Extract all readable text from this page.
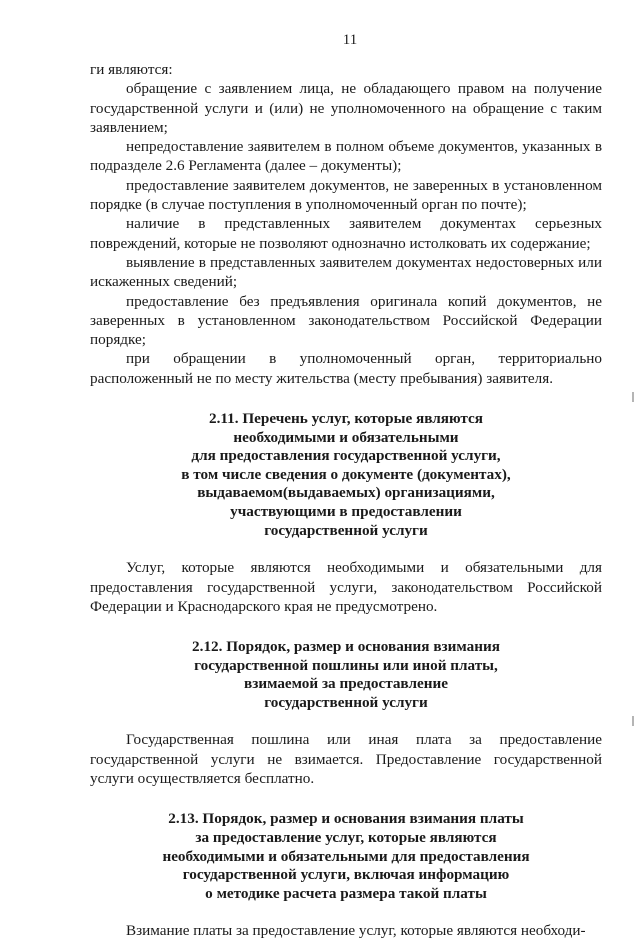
11

ги являются:

обращение с заявлением лица, не обладающего правом на получение государственной услуги и (или) не уполномоченного на обращение с таким заявлением;

непредоставление заявителем в полном объеме документов, указанных в подразделе 2.6 Регламента (далее – документы);

предоставление заявителем документов, не заверенных в установленном порядке (в случае поступления в уполномоченный орган по почте);

наличие в представленных заявителем документах серьезных повреждений, которые не позволяют однозначно истолковать их содержание;

выявление в представленных заявителем документах недостоверных или искаженных сведений;

предоставление без предъявления оригинала копий документов, не заверенных в установленном законодательством Российской Федерации порядке;

при обращении в уполномоченный орган, территориально расположенный не по месту жительства (месту пребывания) заявителя.

2.11. Перечень услуг, которые являются
необходимыми и обязательными
для предоставления государственной услуги,
в том числе сведения о документе (документах),
выдаваемом(выдаваемых) организациями,
участвующими в предоставлении
государственной услуги

Услуг, которые являются необходимыми и обязательными для предоставления государственной услуги, законодательством Российской Федерации и Краснодарского края не предусмотрено.

2.12. Порядок, размер и основания взимания
государственной пошлины или иной платы,
взимаемой за предоставление
государственной услуги

Государственная пошлина или иная плата за предоставление государственной услуги не взимается. Предоставление государственной услуги осуществляется бесплатно.

2.13. Порядок, размер и основания взимания платы
за предоставление услуг, которые являются
необходимыми и обязательными для предоставления
государственной услуги, включая информацию
о методике расчета размера такой платы

Взимание платы за предоставление услуг, которые являются необходи-
